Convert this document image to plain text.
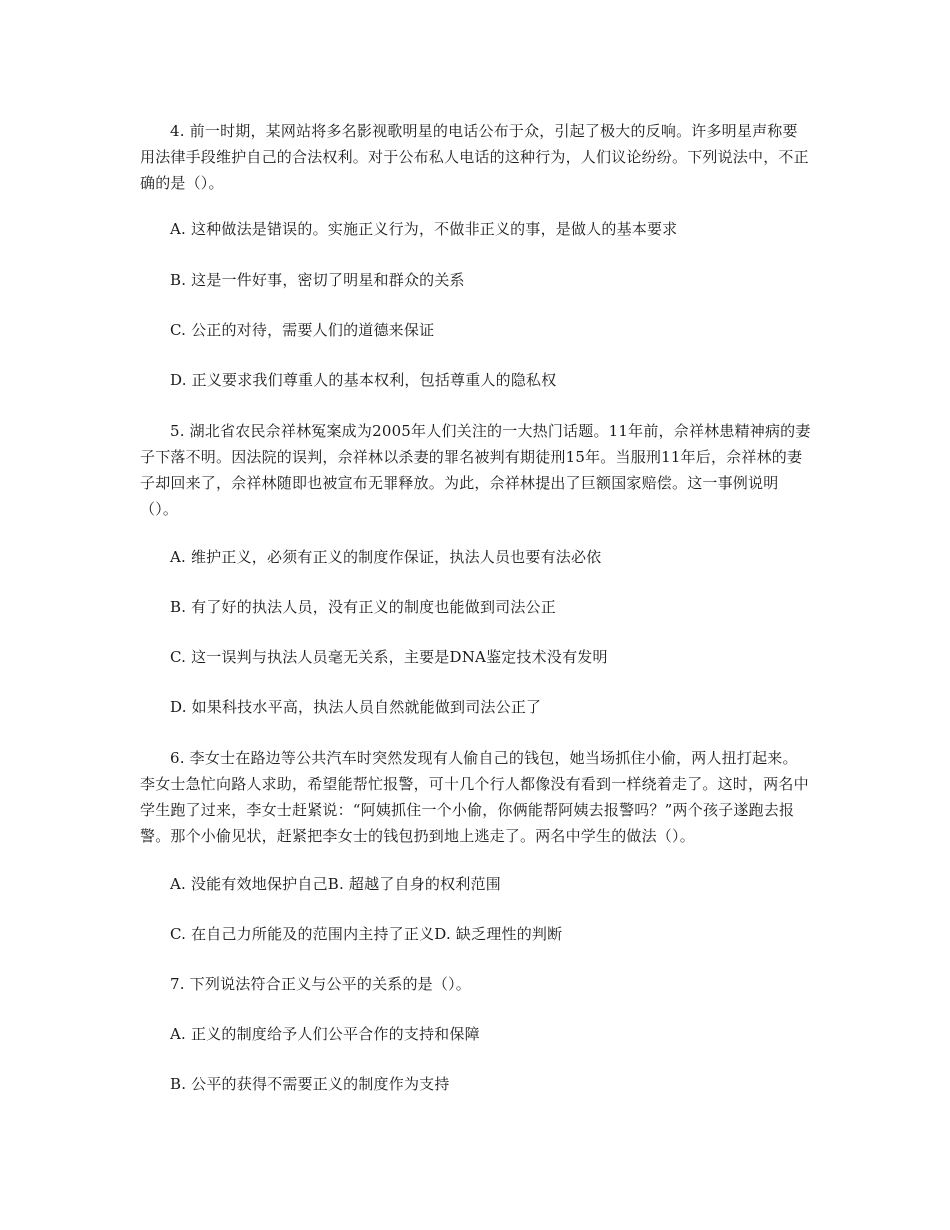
4. 前一时期，某网站将多名影视歌明星的电话公布于众，引起了极大的反响。许多明星声称要用法律手段维护自己的合法权利。对于公布私人电话的这种行为，人们议论纷纷。下列说法中，不正确的是（）。

A. 这种做法是错误的。实施正义行为，不做非正义的事，是做人的基本要求

B. 这是一件好事，密切了明星和群众的关系

C. 公正的对待，需要人们的道德来保证

D. 正义要求我们尊重人的基本权利，包括尊重人的隐私权

5. 湖北省农民佘祥林冤案成为2005年人们关注的一大热门话题。11年前，佘祥林患精神病的妻子下落不明。因法院的误判，佘祥林以杀妻的罪名被判有期徒刑15年。当服刑11年后，佘祥林的妻子却回来了，佘祥林随即也被宣布无罪释放。为此，佘祥林提出了巨额国家赔偿。这一事例说明（）。

A. 维护正义，必须有正义的制度作保证，执法人员也要有法必依

B. 有了好的执法人员，没有正义的制度也能做到司法公正

C. 这一误判与执法人员毫无关系，主要是DNA鉴定技术没有发明

D. 如果科技水平高，执法人员自然就能做到司法公正了

6. 李女士在路边等公共汽车时突然发现有人偷自己的钱包，她当场抓住小偷，两人扭打起来。李女士急忙向路人求助，希望能帮忙报警，可十几个行人都像没有看到一样绕着走了。这时，两名中学生跑了过来，李女士赶紧说：“阿姨抓住一个小偷，你俩能帮阿姨去报警吗？”两个孩子遂跑去报警。那个小偷见状，赶紧把李女士的钱包扔到地上逃走了。两名中学生的做法（）。

A. 没能有效地保护自己B. 超越了自身的权利范围

C. 在自己力所能及的范围内主持了正义D. 缺乏理性的判断

7. 下列说法符合正义与公平的关系的是（）。

A. 正义的制度给予人们公平合作的支持和保障

B. 公平的获得不需要正义的制度作为支持
